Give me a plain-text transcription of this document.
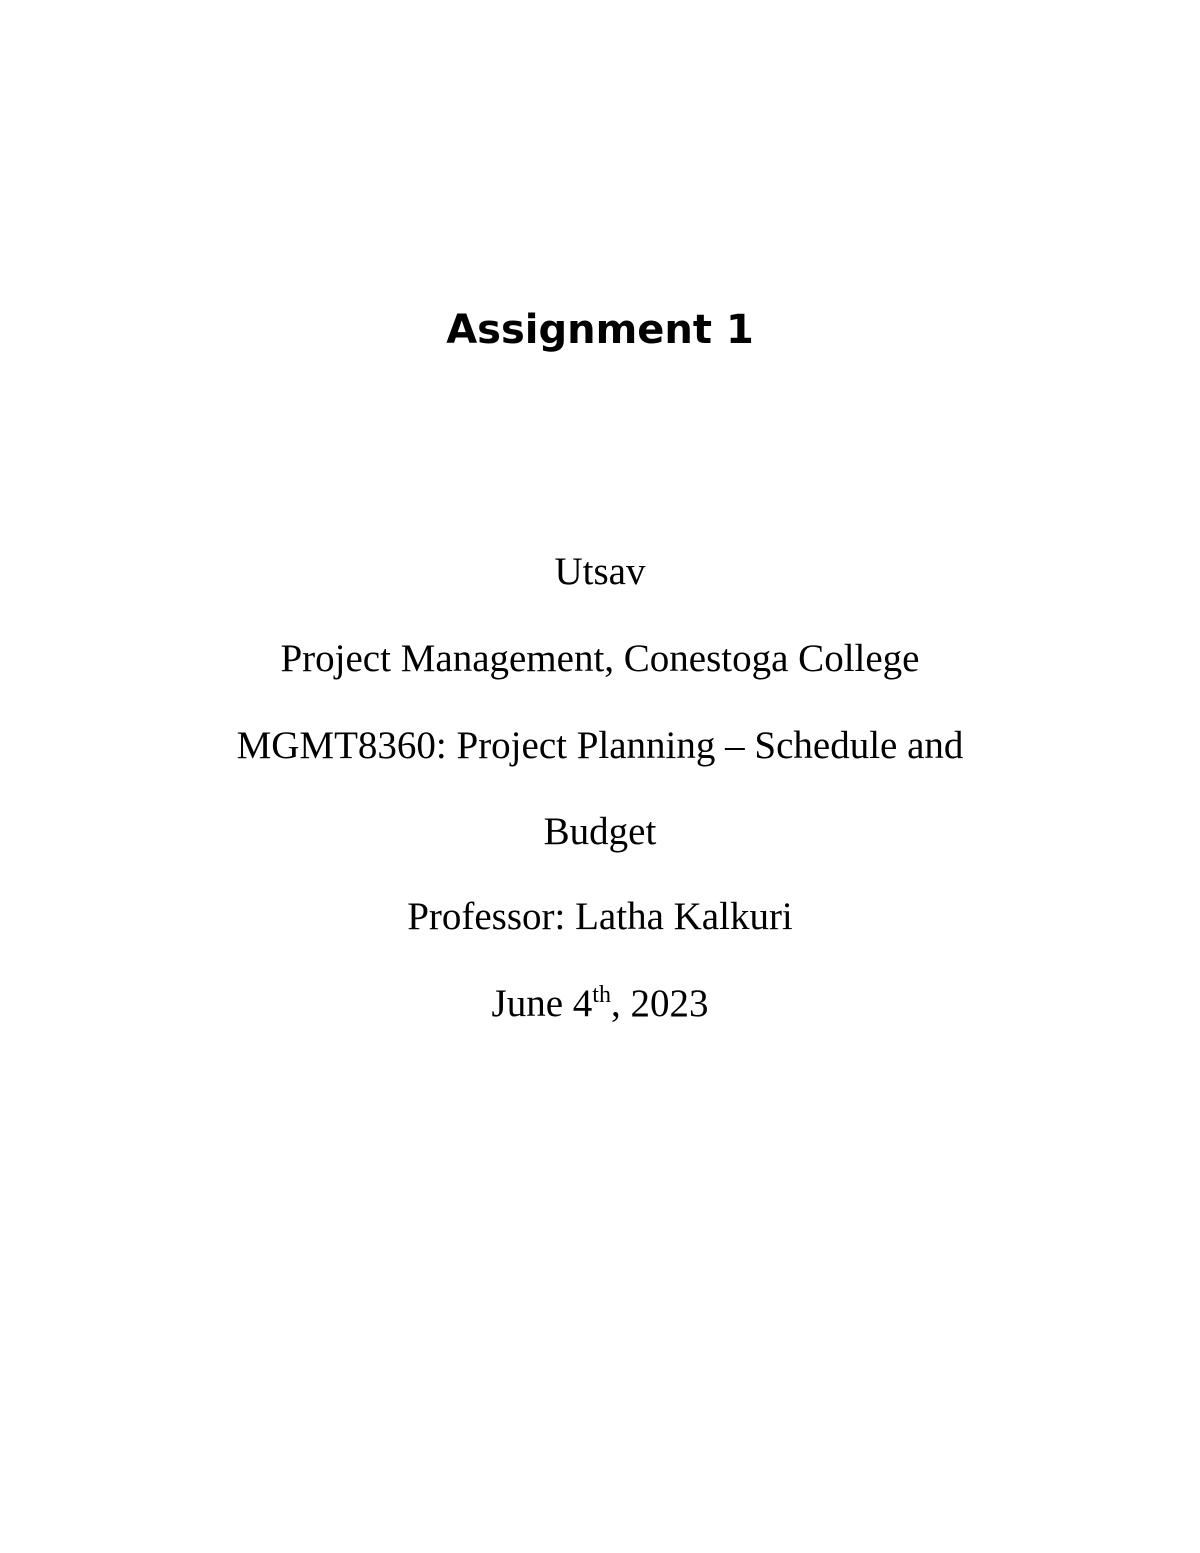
Assignment 1

Utsav

Project Management, Conestoga College

MGMT8360: Project Planning – Schedule and Budget

Professor: Latha Kalkuri

June 4th, 2023
